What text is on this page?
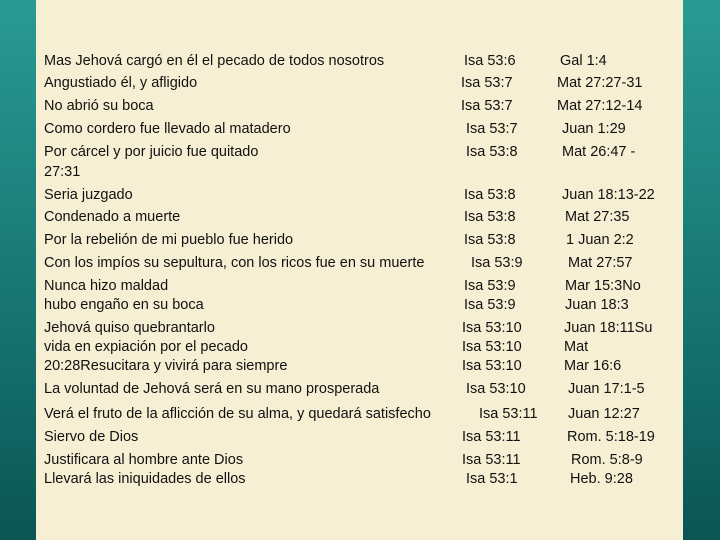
Mas Jehová cargó en él el pecado de todos nosotros	Isa 53:6	Gal 1:4
Angustiado él, y afligido	Isa 53:7	Mat 27:27-31
No abrió su boca	Isa 53:7	Mat 27:12-14
Como cordero fue llevado al matadero	Isa 53:7	Juan 1:29
Por cárcel y por juicio fue quitado	Isa 53:8	Mat 26:47 -
27:31
Seria juzgado	Isa 53:8	Juan 18:13-22
Condenado a muerte	Isa 53:8	Mat 27:35
Por la rebelión de mi pueblo fue herido	Isa 53:8	1 Juan 2:2
Con los impíos su sepultura, con los ricos fue en su muerte	Isa 53:9	Mat 27:57
Nunca hizo maldad	Isa 53:9	Mar 15:3No
hubo engaño en su boca	Isa 53:9	Juan 18:3
Jehová quiso quebrantarlo	Isa 53:10	Juan 18:11Su
vida en expiación por el pecado	Isa 53:10	Mat
20:28Resucitara y vivirá para siempre	Isa 53:10	Mar 16:6
La voluntad de Jehová será en su mano prosperada	Isa 53:10	Juan 17:1-5
Verá el fruto de la aflicción de su alma, y quedará satisfecho	Isa 53:11 Juan 12:27
Siervo de Dios	Isa 53:11	Rom. 5:18-19
Justificara al hombre ante Dios	Isa 53:11	Rom. 5:8-9
Llevará las iniquidades de ellos	Isa 53:1	Heb. 9:28
